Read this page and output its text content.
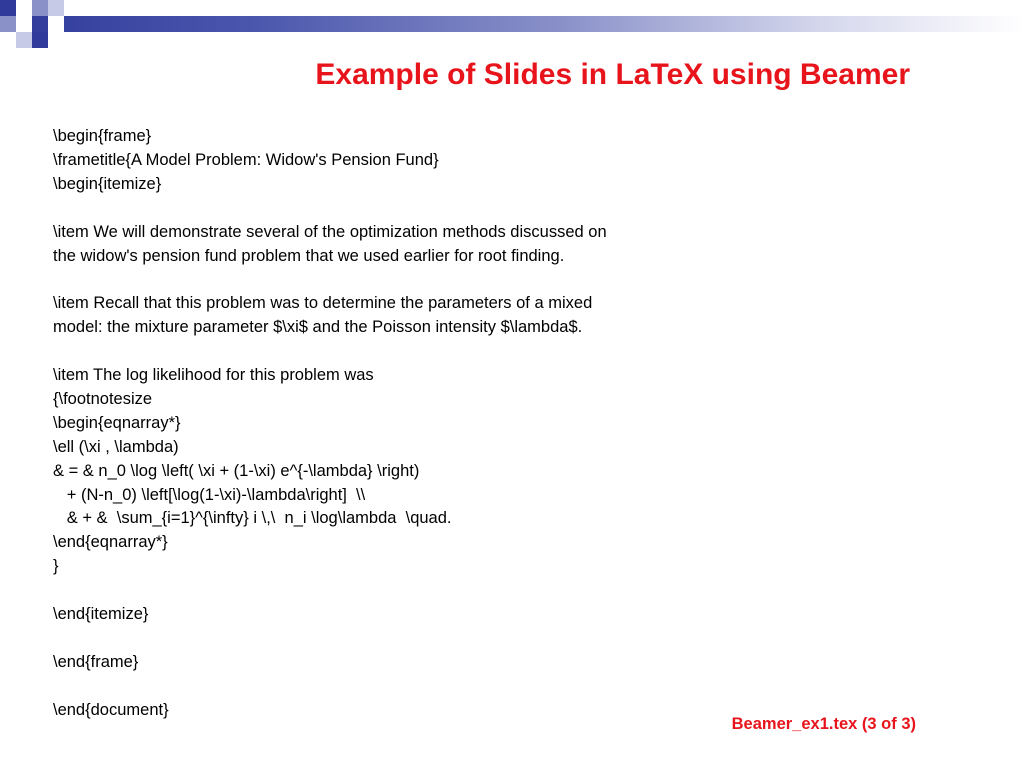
Example of Slides in LaTeX using Beamer
\begin{frame}
\frametitle{A Model Problem: Widow's Pension Fund}
\begin{itemize}
\item We will demonstrate several of the optimization methods discussed on
the widow's pension fund problem that we used earlier for root finding.
\item Recall that this problem was to determine the parameters of a mixed
model: the mixture parameter $\xi$ and the Poisson intensity $\lambda$.
\item The log likelihood for this problem was
{\footnotesize
\begin{eqnarray*}
\ell (\xi , \lambda)
& = & n_0 \log \left( \xi + (1-\xi) e^{-\lambda} \right)
+ (N-n_0) \left[\log(1-\xi)-\lambda\right]  \\
& + &  \sum_{i=1}^{\infty} i \,\  n_i \log\lambda  \quad.
\end{eqnarray*}
}
\end{itemize}
\end{frame}
\end{document}
Beamer_ex1.tex (3 of 3)
